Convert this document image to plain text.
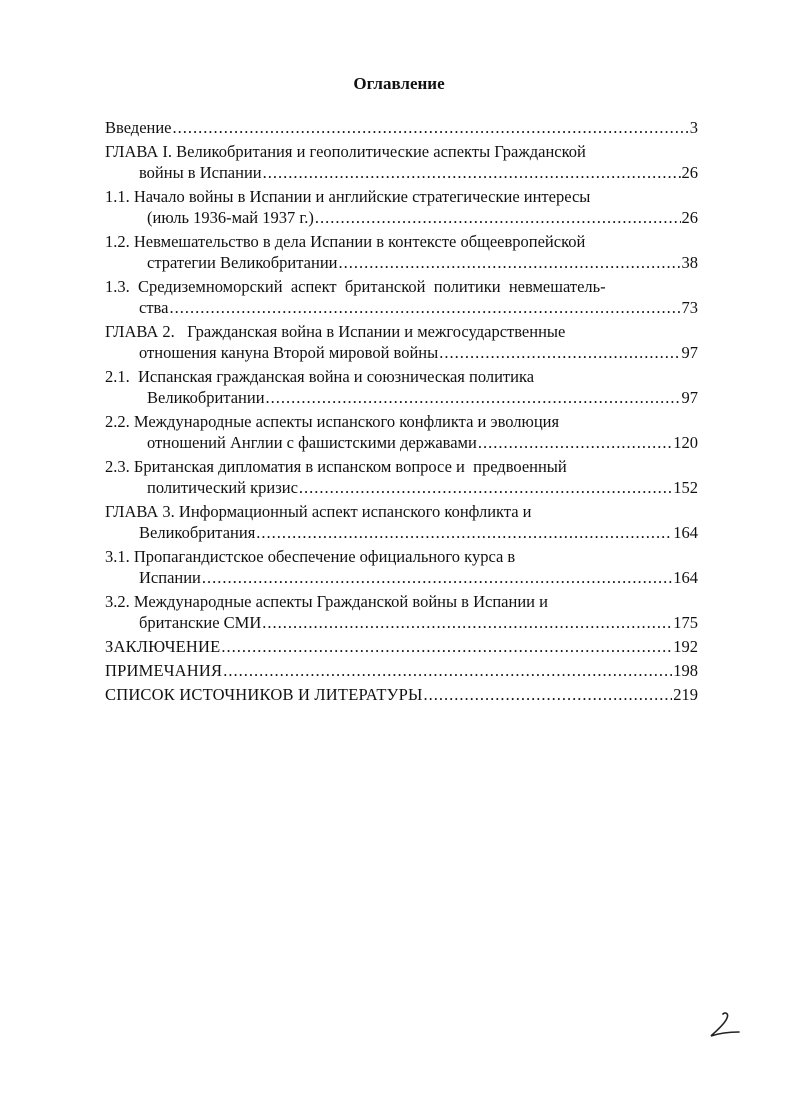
Оглавление
Введение .....	3
ГЛАВА I. Великобритания и геополитические аспекты Гражданской
войны в Испании .....	26
1.1. Начало войны в Испании и английские стратегические интересы
(июль 1936-май 1937 г.) .....	26
1.2. Невмешательство в дела Испании в контексте общеевропейской
стратегии Великобритании .....	38
1.3.  Средиземноморский  аспект  британской  политики  невмешатель-
ства .....	73
ГЛАВА 2.   Гражданская война в Испании и межгосударственные
отношения кануна Второй мировой войны .....	97
2.1.  Испанская гражданская война и союзническая политика
Великобритании .....	97
2.2. Международные аспекты испанского конфликта и эволюция
отношений Англии с фашистскими державами .....	120
2.3. Британская дипломатия в испанском вопросе и  предвоенный
политический кризис .....	152
ГЛАВА 3. Информационный аспект испанского конфликта и
Великобритания .....	164
3.1. Пропагандистское обеспечение официального курса в
Испании .....	164
3.2. Международные аспекты Гражданской войны в Испании и
британские СМИ .....	175
ЗАКЛЮЧЕНИЕ .....	192
ПРИМЕЧАНИЯ .....	198
СПИСОК ИСТОЧНИКОВ И ЛИТЕРАТУРЫ .....	219
